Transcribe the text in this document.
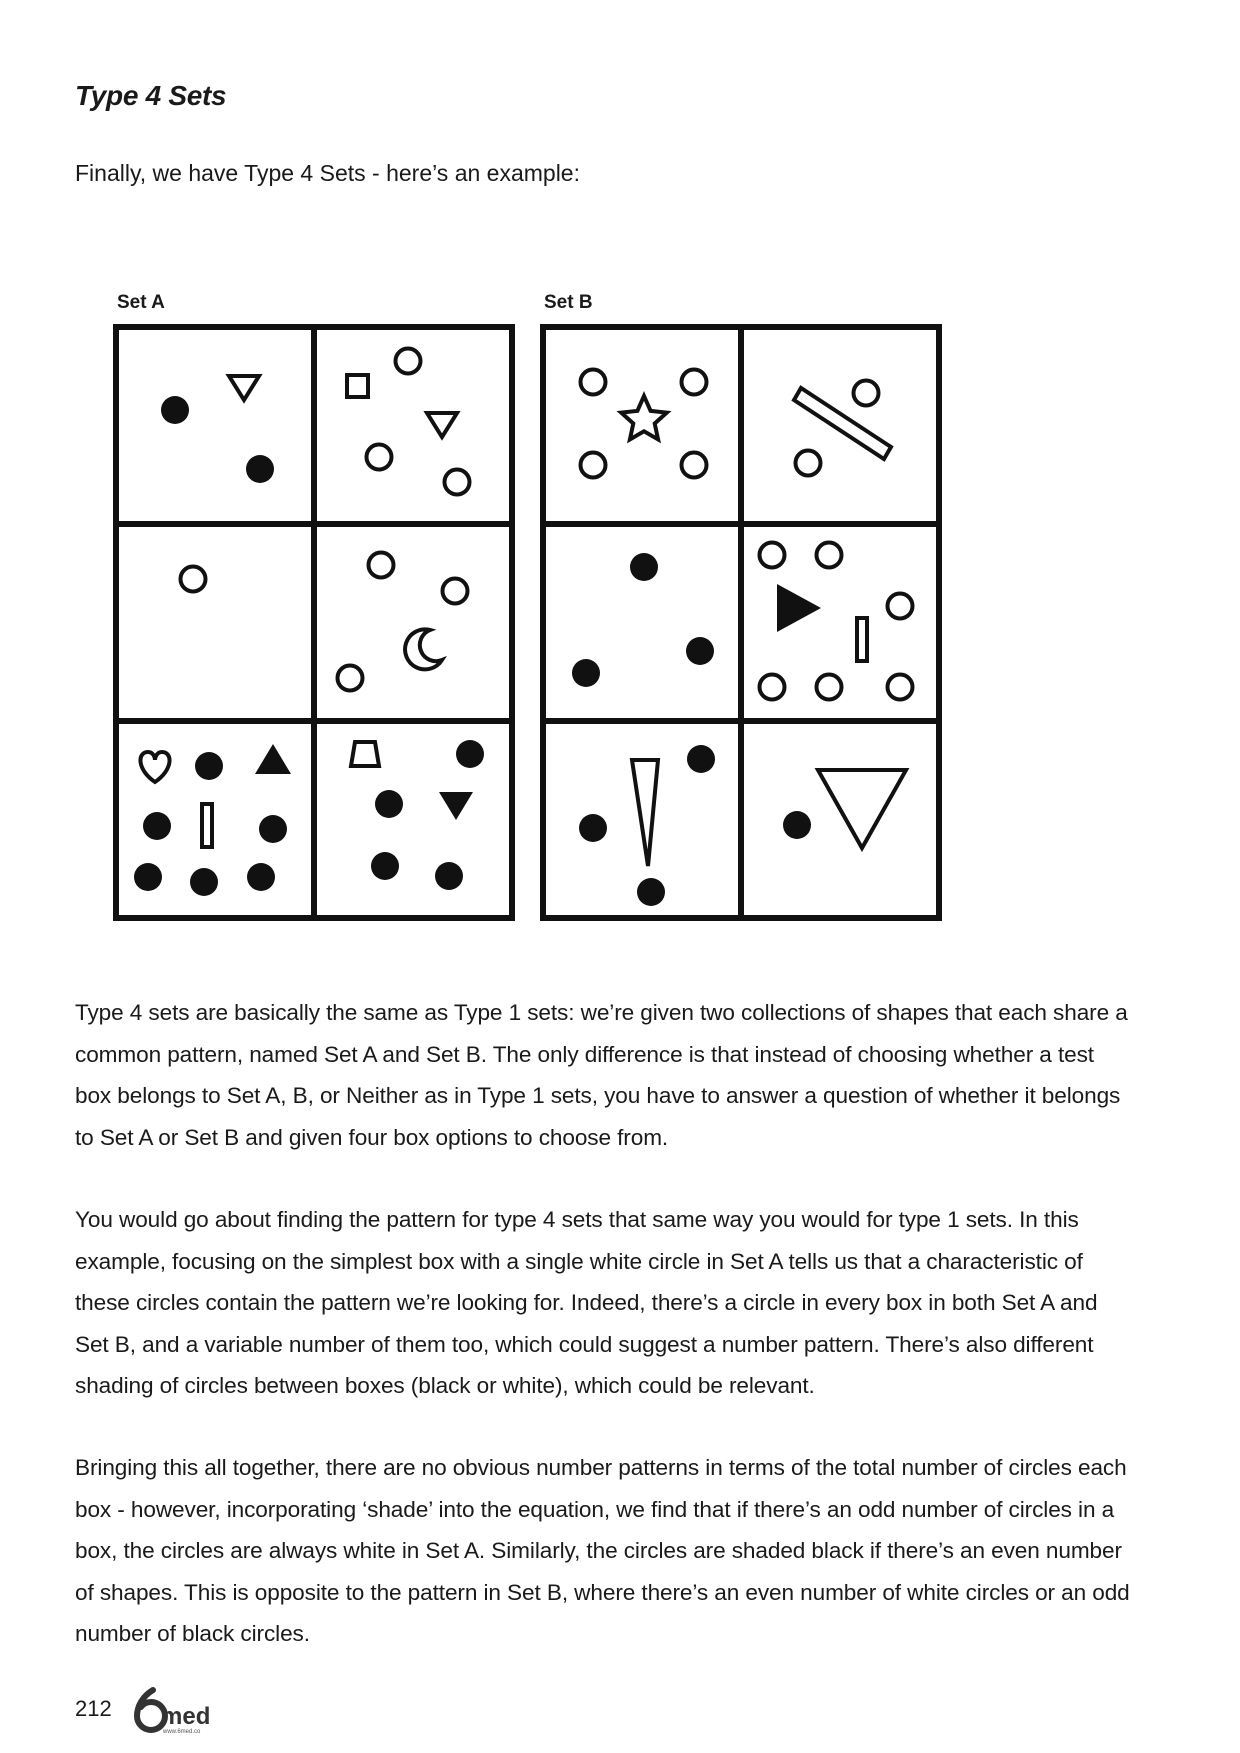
Type 4 Sets

Finally, we have Type 4 Sets - here’s an example:

Set A	Set B

Type 4 sets are basically the same as Type 1 sets: we’re given two collections of shapes that each share a common pattern, named Set A and Set B. The only difference is that instead of choosing whether a test box belongs to Set A, B, or Neither as in Type 1 sets, you have to answer a question of whether it belongs to Set A or Set B and given four box options to choose from.

You would go about finding the pattern for type 4 sets that same way you would for type 1 sets. In this example, focusing on the simplest box with a single white circle in Set A tells us that a characteristic of these circles contain the pattern we’re looking for. Indeed, there’s a circle in every box in both Set A and Set B, and a variable number of them too, which could suggest a number pattern. There’s also different shading of circles between boxes (black or white), which could be relevant.

Bringing this all together, there are no obvious number patterns in terms of the total number of circles each box - however, incorporating ‘shade’ into the equation, we find that if there’s an odd number of circles in a box, the circles are always white in Set A. Similarly, the circles are shaded black if there’s an even number of shapes. This is opposite to the pattern in Set B, where there’s an even number of white circles or an odd number of black circles.

212 med
www.6med.co
